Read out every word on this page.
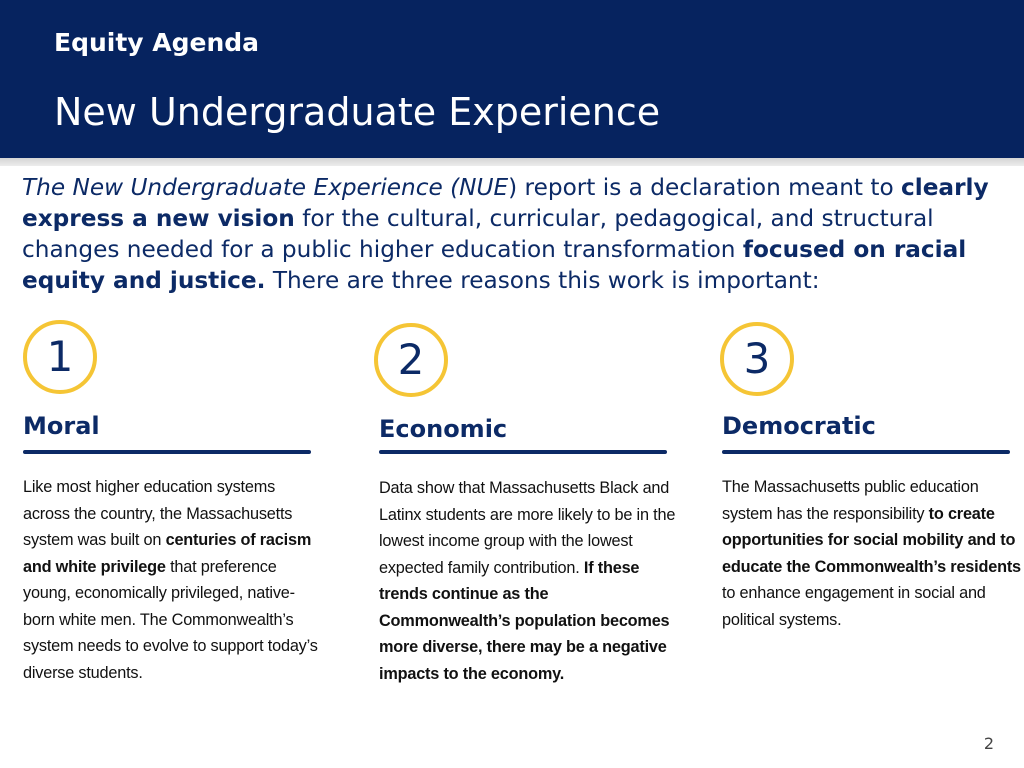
Equity Agenda
New Undergraduate Experience

The New Undergraduate Experience (NUE) report is a declaration meant to clearly express a new vision for the cultural, curricular, pedagogical, and structural changes needed for a public higher education transformation focused on racial equity and justice. There are three reasons this work is important:

1
Moral

Like most higher education systems across the country, the Massachusetts system was built on centuries of racism and white privilege that preference young, economically privileged, native-born white men. The Commonwealth’s system needs to evolve to support today’s diverse students.

2
Economic

Data show that Massachusetts Black and Latinx students are more likely to be in the lowest income group with the lowest expected family contribution. If these trends continue as the Commonwealth’s population becomes more diverse, there may be a negative impacts to the economy.

3
Democratic

The Massachusetts public education system has the responsibility to create opportunities for social mobility and to educate the Commonwealth’s residents to enhance engagement in social and political systems.

2
